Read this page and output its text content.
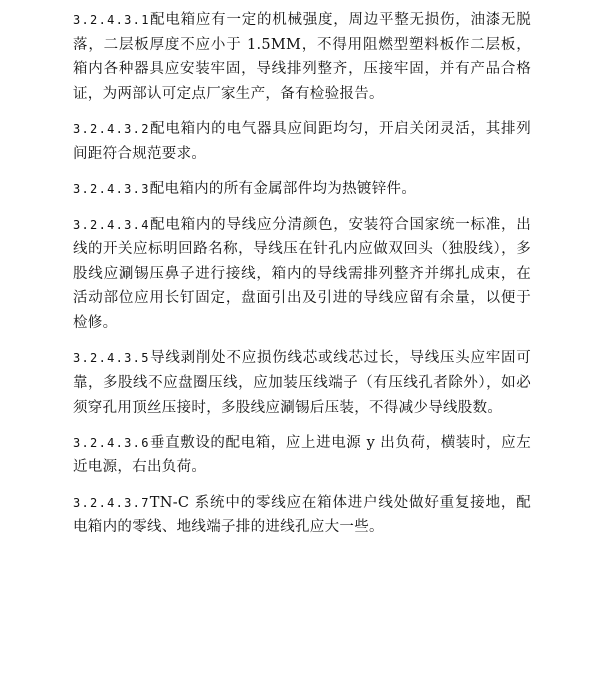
3.2.4.3.1配电箱应有一定的机械强度，周边平整无损伤，油漆无脱落，二层板厚度不应小于 1.5MM，不得用阻燃型塑料板作二层板，箱内各种器具应安装牢固，导线排列整齐，压接牢固，并有产品合格证，为两部认可定点厂家生产，备有检验报告。

3.2.4.3.2配电箱内的电气器具应间距均匀，开启关闭灵活，其排列间距符合规范要求。

3.2.4.3.3配电箱内的所有金属部件均为热镀锌件。

3.2.4.3.4配电箱内的导线应分清颜色，安装符合国家统一标准，出线的开关应标明回路名称，导线压在针孔内应做双回头（独股线），多股线应涮锡压鼻子进行接线，箱内的导线需排列整齐并绑扎成束，在活动部位应用长钉固定，盘面引出及引进的导线应留有余量，以便于检修。

3.2.4.3.5导线剥削处不应损伤线芯或线芯过长，导线压头应牢固可靠，多股线不应盘圈压线，应加装压线端子（有压线孔者除外），如必须穿孔用顶丝压接时，多股线应涮锡后压装，不得减少导线股数。

3.2.4.3.6垂直敷设的配电箱，应上进电源 y 出负荷，横装时，应左近电源，右出负荷。

3.2.4.3.7TN-C 系统中的零线应在箱体进户线处做好重复接地，配电箱内的零线、地线端子排的进线孔应大一些。
